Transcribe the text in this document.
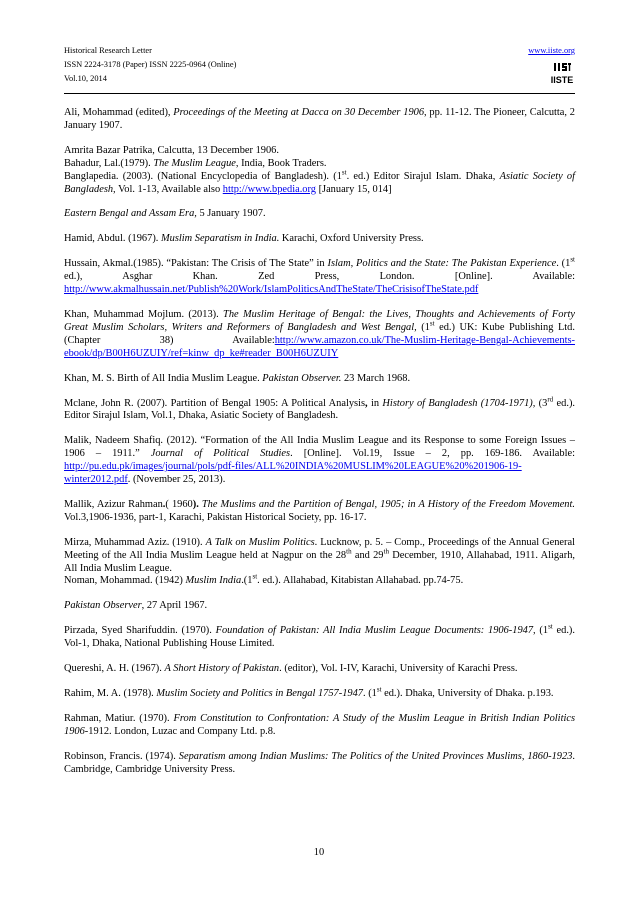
Historical Research Letter
ISSN 2224-3178 (Paper) ISSN 2225-0964 (Online)
Vol.10, 2014
www.iiste.org
IISTE

Ali, Mohammad (edited), Proceedings of the Meeting at Dacca on 30 December 1906, pp. 11-12. The Pioneer, Calcutta, 2 January 1907.

Amrita Bazar Patrika, Calcutta, 13 December 1906.

Bahadur, Lal.(1979). The Muslim League, India, Book Traders.

Banglapedia. (2003). (National Encyclopedia of Bangladesh). (1st. ed.) Editor Sirajul Islam. Dhaka, Asiatic Society of Bangladesh, Vol. 1-13, Available also http://www.bpedia.org [January 15, 014]

Eastern Bengal and Assam Era, 5 January 1907.

Hamid, Abdul. (1967). Muslim Separatism in India. Karachi, Oxford University Press.

Hussain, Akmal.(1985). “Pakistan: The Crisis of The State” in Islam, Politics and the State: The Pakistan Experience. (1st ed.), Asghar Khan. Zed Press, London. [Online]. Available: http://www.akmalhussain.net/Publish%20Work/IslamPoliticsAndTheState/TheCrisisofTheState.pdf

Khan, Muhammad Mojlum. (2013). The Muslim Heritage of Bengal: the Lives, Thoughts and Achievements of Forty Great Muslim Scholars, Writers and Reformers of Bangladesh and West Bengal, (1st ed.) UK: Kube Publishing Ltd. (Chapter 38) Available:http://www.amazon.co.uk/The-Muslim-Heritage-Bengal-Achievements-ebook/dp/B00H6UZUIY/ref=kinw_dp_ke#reader_B00H6UZUIY

Khan, M. S. Birth of All India Muslim League. Pakistan Observer. 23 March 1968.

Mclane, John R. (2007). Partition of Bengal 1905: A Political Analysis, in History of Bangladesh (1704-1971), (3rd ed.). Editor Sirajul Islam, Vol.1, Dhaka, Asiatic Society of Bangladesh.

Malik, Nadeem Shafiq. (2012). “Formation of the All India Muslim League and its Response to some Foreign Issues – 1906 – 1911.” Journal of Political Studies. [Online]. Vol.19, Issue – 2, pp. 169-186. Available: http://pu.edu.pk/images/journal/pols/pdf-files/ALL%20INDIA%20MUSLIM%20LEAGUE%20%201906-19-winter2012.pdf. (November 25, 2013).

Mallik, Azizur Rahman.( 1960). The Muslims and the Partition of Bengal, 1905; in A History of the Freedom Movement. Vol.3,1906-1936, part-1, Karachi, Pakistan Historical Society, pp. 16-17.

Mirza, Muhammad Aziz. (1910). A Talk on Muslim Politics. Lucknow, p. 5. – Comp., Proceedings of the Annual General Meeting of the All India Muslim League held at Nagpur on the 28th and 29th December, 1910, Allahabad, 1911. Aligarh, All India Muslim League.

Noman, Mohammad. (1942) Muslim India.(1st. ed.). Allahabad, Kitabistan Allahabad. pp.74-75.

Pakistan Observer, 27 April 1967.

Pirzada, Syed Sharifuddin. (1970). Foundation of Pakistan: All India Muslim League Documents: 1906-1947, (1st ed.). Vol-1, Dhaka, National Publishing House Limited.

Quereshi, A. H. (1967). A Short History of Pakistan. (editor), Vol. I-IV, Karachi, University of Karachi Press.

Rahim, M. A. (1978). Muslim Society and Politics in Bengal 1757-1947. (1st ed.). Dhaka, University of Dhaka. p.193.

Rahman, Matiur. (1970). From Constitution to Confrontation: A Study of the Muslim League in British Indian Politics 1906-1912. London, Luzac and Company Ltd. p.8.

Robinson, Francis. (1974). Separatism among Indian Muslims: The Politics of the United Provinces Muslims, 1860-1923. Cambridge, Cambridge University Press.

10
